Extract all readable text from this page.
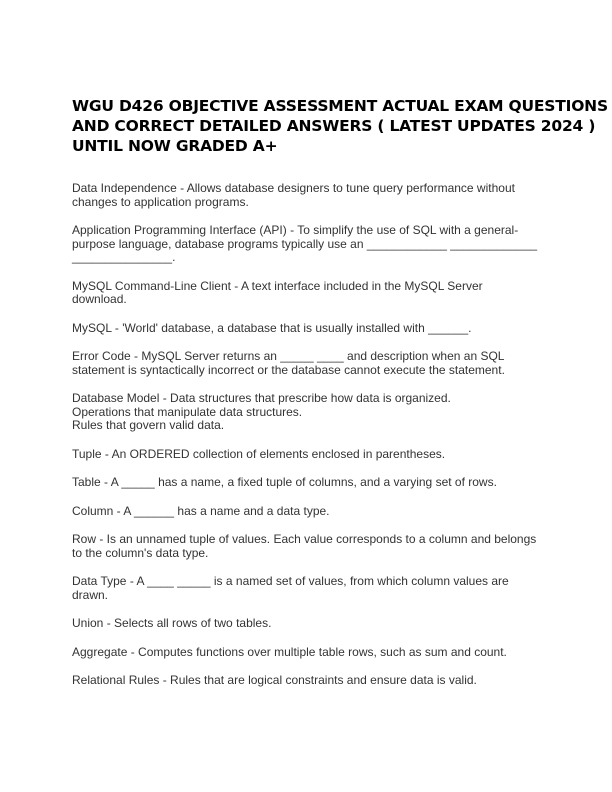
WGU D426 OBJECTIVE ASSESSMENT ACTUAL EXAM QUESTIONS
AND CORRECT DETAILED ANSWERS ( LATEST UPDATES 2024 )
UNTIL NOW GRADED A+
Data Independence - Allows database designers to tune query performance without
changes to application programs.
Application Programming Interface (API) - To simplify the use of SQL with a general-
purpose language, database programs typically use an ____________ _____________
_______________.
MySQL Command-Line Client - A text interface included in the MySQL Server
download.
MySQL - 'World' database, a database that is usually installed with ______.
Error Code - MySQL Server returns an _____ ____ and description when an SQL
statement is syntactically incorrect or the database cannot execute the statement.
Database Model - Data structures that prescribe how data is organized.
Operations that manipulate data structures.
Rules that govern valid data.
Tuple - An ORDERED collection of elements enclosed in parentheses.
Table - A _____ has a name, a fixed tuple of columns, and a varying set of rows.
Column - A ______ has a name and a data type.
Row - Is an unnamed tuple of values. Each value corresponds to a column and belongs
to the column's data type.
Data Type - A ____ _____ is a named set of values, from which column values are
drawn.
Union - Selects all rows of two tables.
Aggregate - Computes functions over multiple table rows, such as sum and count.
Relational Rules - Rules that are logical constraints and ensure data is valid.
